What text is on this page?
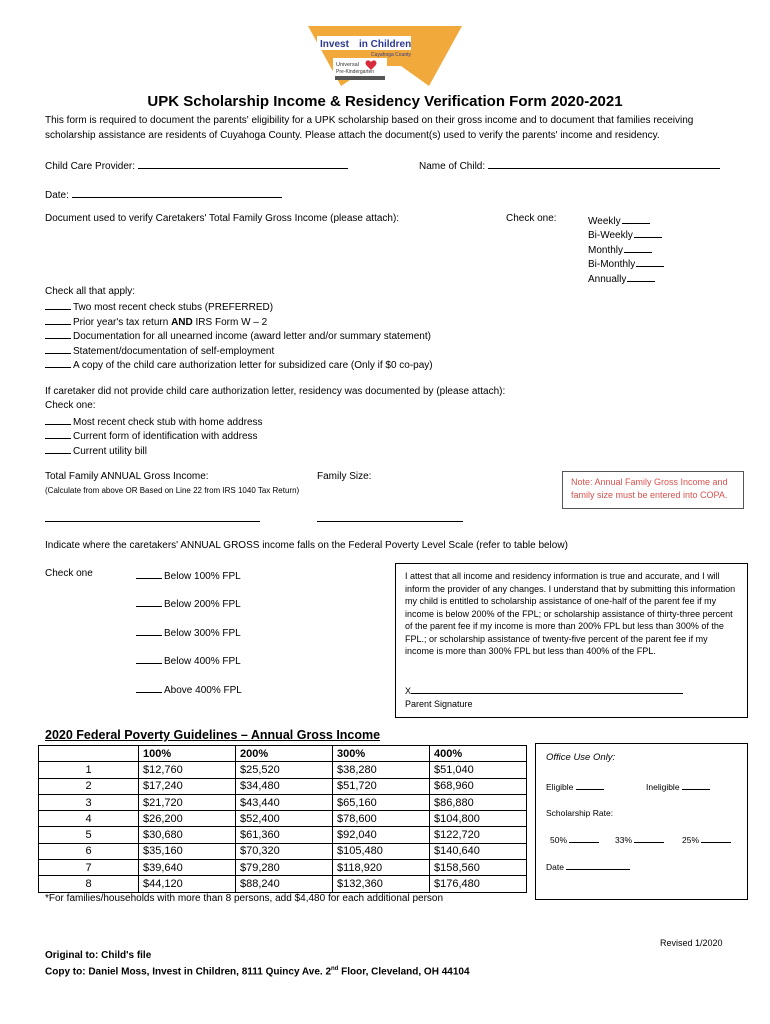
Invest in Children
Cuyahoga County
Universal
Pre-Kindergarten
UPK Scholarship Income & Residency Verification Form 2020-2021
This form is required to document the parents' eligibility for a UPK scholarship based on their gross income and to document that families receiving scholarship assistance are residents of Cuyahoga County. Please attach the document(s) used to verify the parents' income and residency.
Child Care Provider:	Name of Child:
Date:
Document used to verify Caretakers' Total Family Gross Income (please attach):	Check one:	Weekly
Bi-Weekly
Monthly
Bi-Monthly
Annually
Check all that apply:
Two most recent check stubs (PREFERRED)
Prior year's tax return AND IRS Form W – 2
Documentation for all unearned income (award letter and/or summary statement)
Statement/documentation of self-employment
A copy of the child care authorization letter for subsidized care (Only if $0 co-pay)
If caretaker did not provide child care authorization letter, residency was documented by (please attach):
Check one:
Most recent check stub with home address
Current form of identification with address
Current utility bill
Total Family ANNUAL Gross Income:
(Calculate from above OR Based on Line 22 from IRS 1040 Tax Return)
Family Size:	Note: Annual Family Gross Income and family size must be entered into COPA.
Indicate where the caretakers' ANNUAL GROSS income falls on the Federal Poverty Level Scale (refer to table below)
Check one	Below 100% FPL
Below 200% FPL
Below 300% FPL
Below 400% FPL
Above 400% FPL
I attest that all income and residency information is true and accurate, and I will inform the provider of any changes. I understand that by submitting this information my child is entitled to scholarship assistance of one-half of the parent fee if my income is below 200% of the FPL; or scholarship assistance of thirty-three percent of the parent fee if my income is more than 200% FPL but less than 300% of the FPL.; or scholarship assistance of twenty-five percent of the parent fee if my income is more than 300% FPL but less than 400% of the FPL.
X
Parent Signature
2020 Federal Poverty Guidelines – Annual Gross Income
	100%	200%	300%	400%
1	$12,760	$25,520	$38,280	$51,040
2	$17,240	$34,480	$51,720	$68,960
3	$21,720	$43,440	$65,160	$86,880
4	$26,200	$52,400	$78,600	$104,800
5	$30,680	$61,360	$92,040	$122,720
6	$35,160	$70,320	$105,480	$140,640
7	$39,640	$79,280	$118,920	$158,560
8	$44,120	$88,240	$132,360	$176,480
*For families/households with more than 8 persons, add $4,480 for each additional person
Office Use Only:
Eligible	Ineligible
Scholarship Rate:
50%	33%	25%
Date
Revised 1/2020
Original to: Child's file
Copy to: Daniel Moss, Invest in Children, 8111 Quincy Ave. 2nd Floor, Cleveland, OH 44104
